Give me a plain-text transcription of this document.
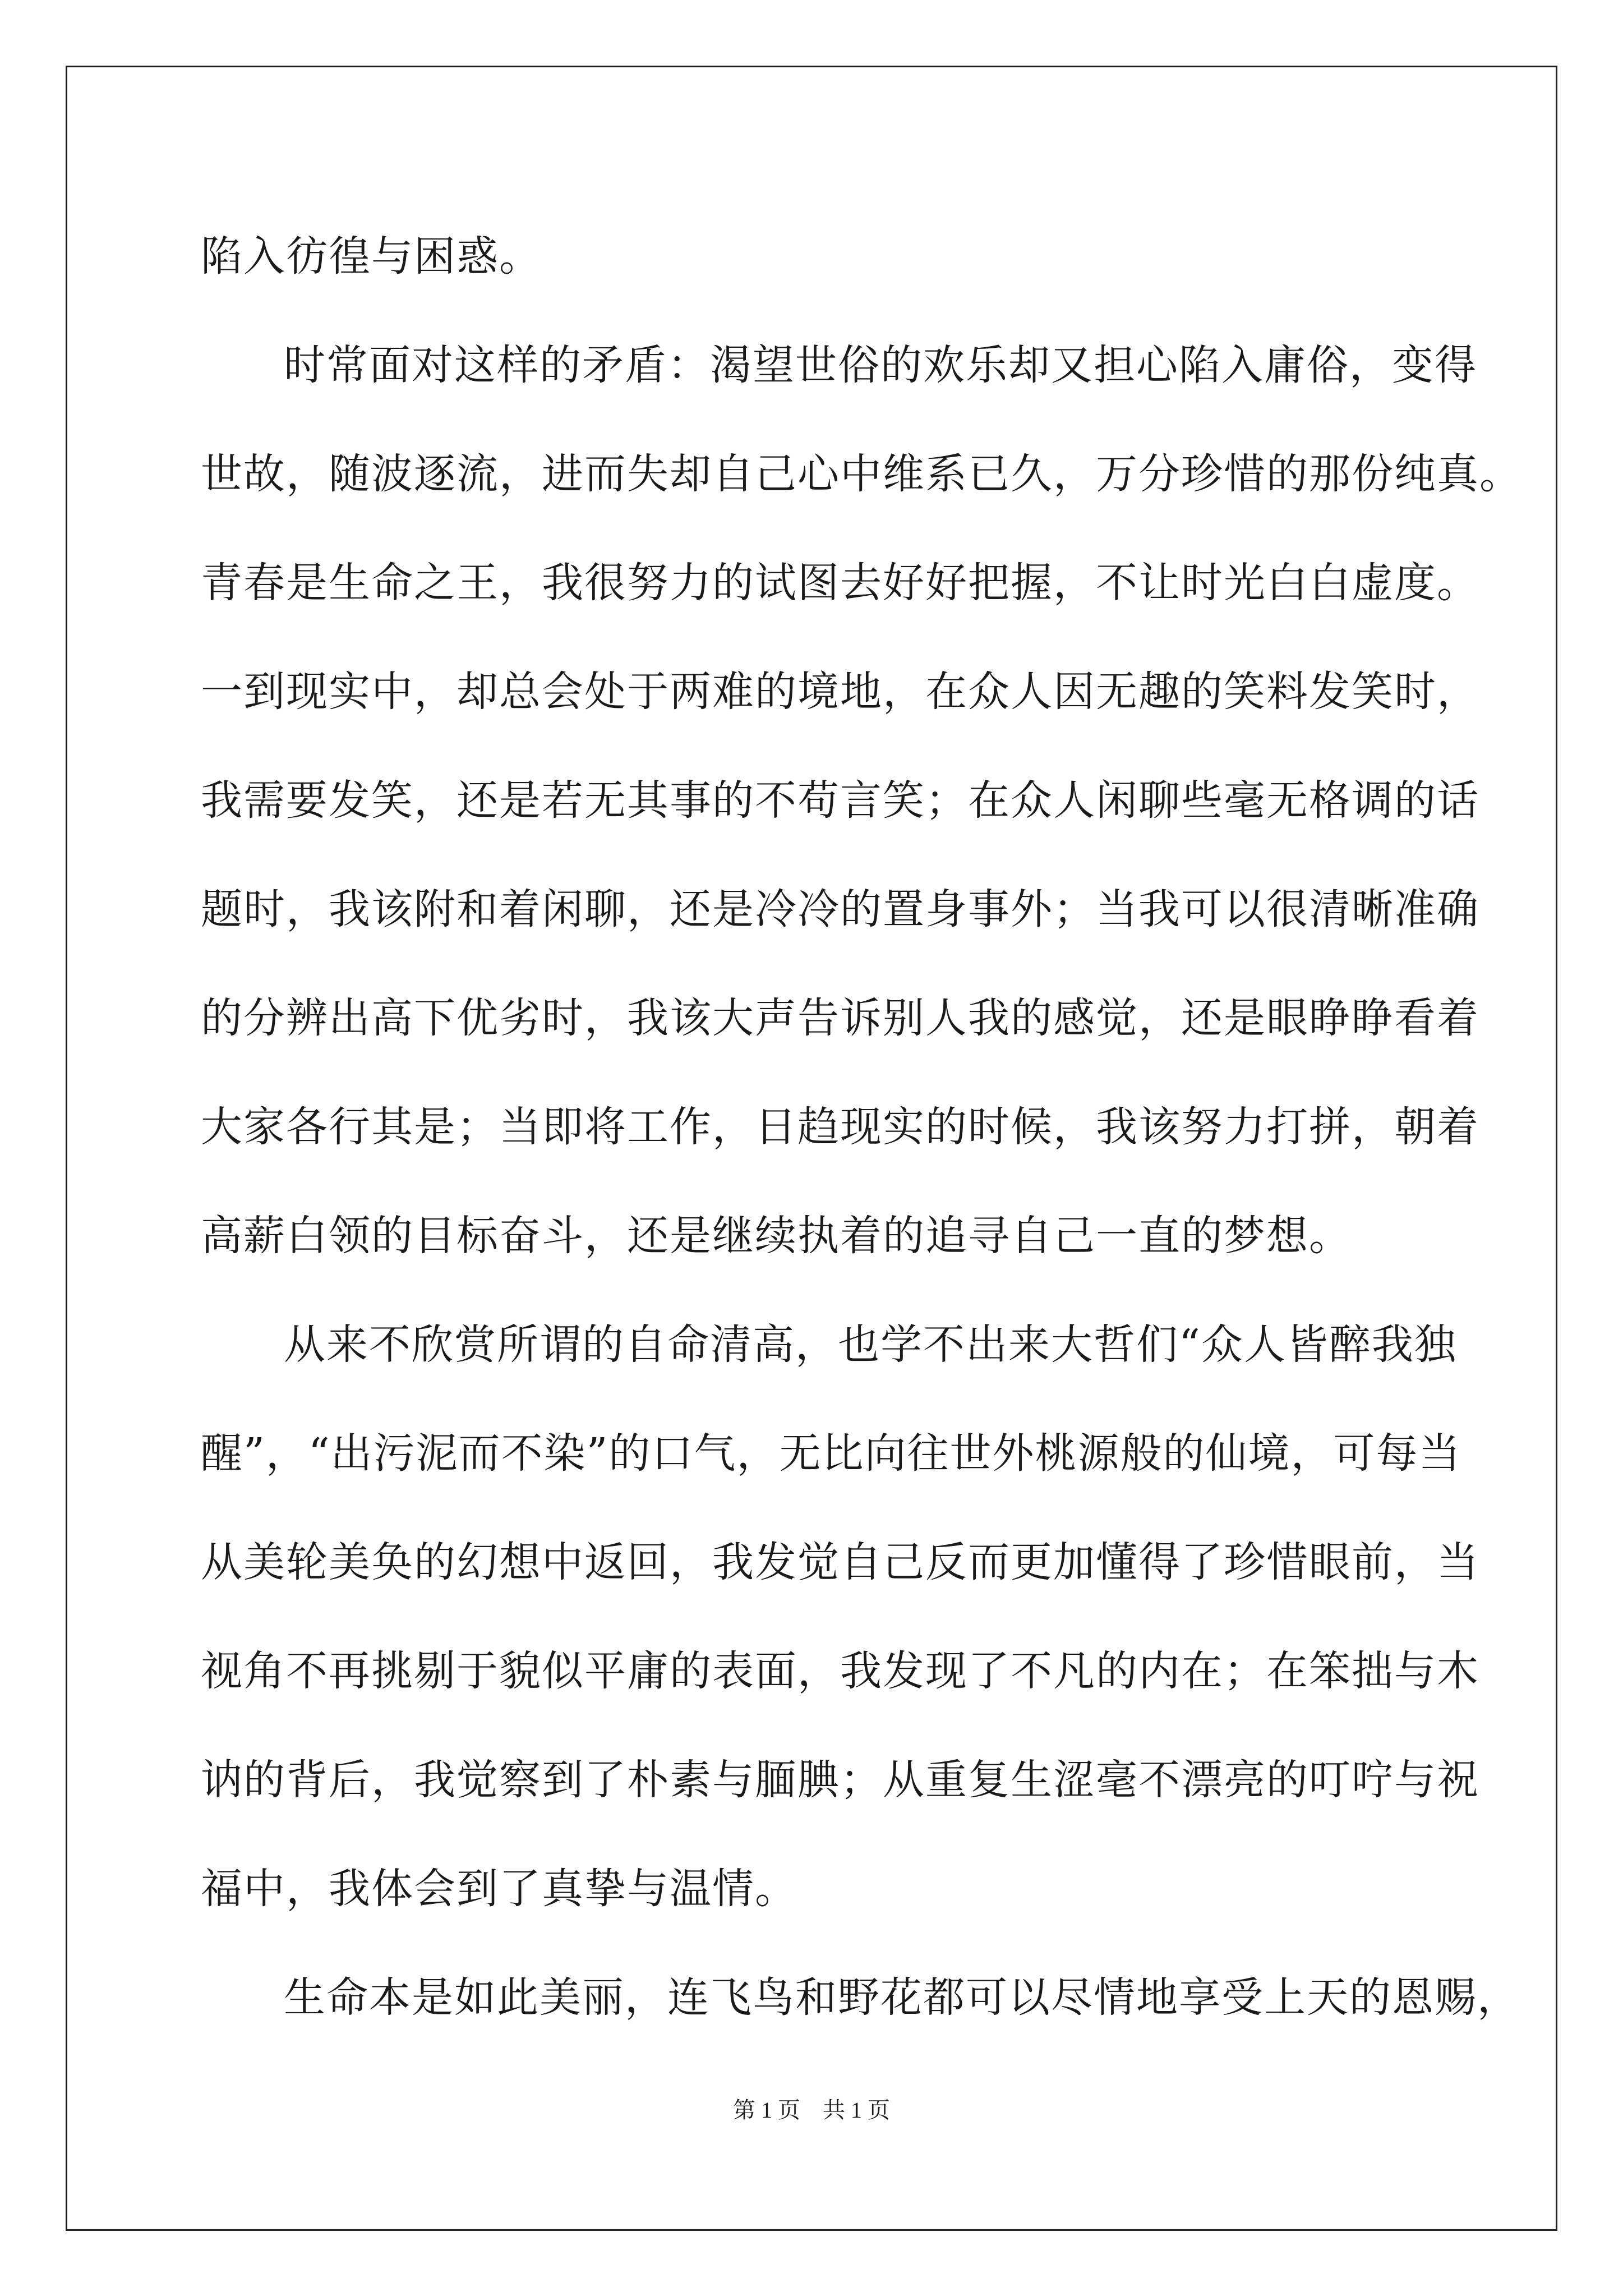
陷入彷徨与困惑。
时常面对这样的矛盾：渴望世俗的欢乐却又担心陷入庸俗，变得
世故，随波逐流，进而失却自己心中维系已久，万分珍惜的那份纯真。
青春是生命之王，我很努力的试图去好好把握，不让时光白白虚度。
一到现实中，却总会处于两难的境地，在众人因无趣的笑料发笑时，
我需要发笑，还是若无其事的不苟言笑；在众人闲聊些毫无格调的话
题时，我该附和着闲聊，还是冷冷的置身事外；当我可以很清晰准确
的分辨出高下优劣时，我该大声告诉别人我的感觉，还是眼睁睁看着
大家各行其是；当即将工作，日趋现实的时候，我该努力打拼，朝着
高薪白领的目标奋斗，还是继续执着的追寻自己一直的梦想。
从来不欣赏所谓的自命清高，也学不出来大哲们“众人皆醉我独
醒”，“出污泥而不染”的口气，无比向往世外桃源般的仙境，可每当
从美轮美奂的幻想中返回，我发觉自己反而更加懂得了珍惜眼前，当
视角不再挑剔于貌似平庸的表面，我发现了不凡的内在；在笨拙与木
讷的背后，我觉察到了朴素与腼腆；从重复生涩毫不漂亮的叮咛与祝
福中，我体会到了真挚与温情。
生命本是如此美丽，连飞鸟和野花都可以尽情地享受上天的恩赐，
第 1 页 共 1 页
